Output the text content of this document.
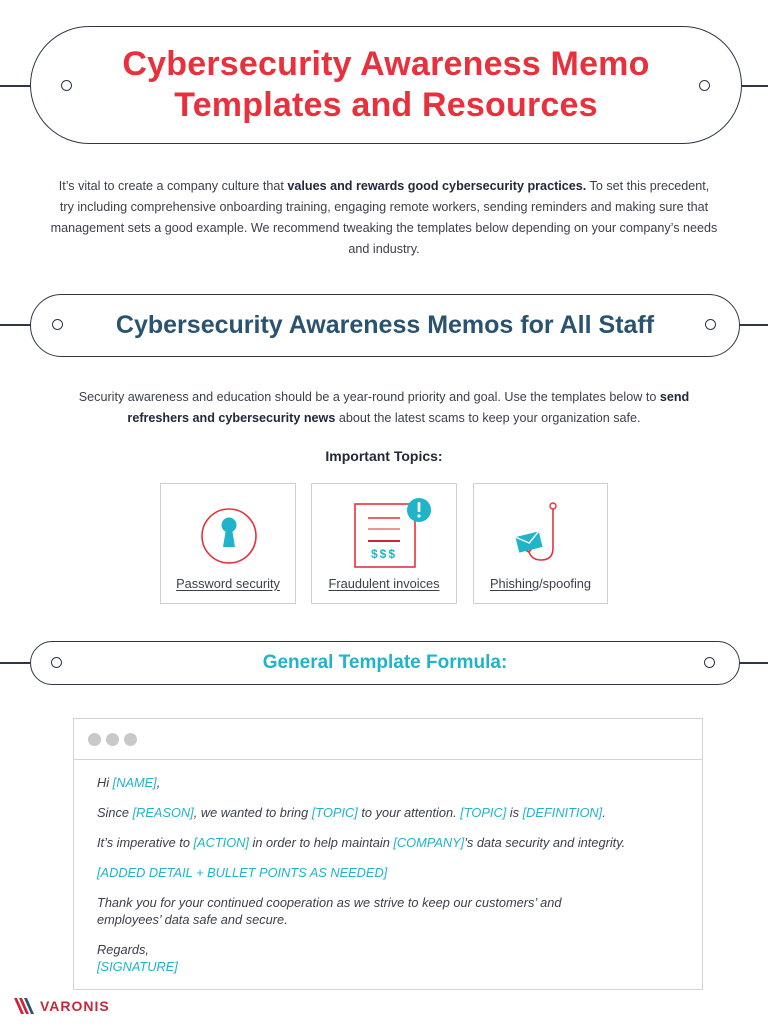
Cybersecurity Awareness Memo
Templates and Resources
It’s vital to create a company culture that values and rewards good cybersecurity practices. To set this precedent, try including comprehensive onboarding training, engaging remote workers, sending reminders and making sure that management sets a good example. We recommend tweaking the templates below depending on your company’s needs and industry.
Cybersecurity Awareness Memos for All Staff
Security awareness and education should be a year-round priority and goal. Use the templates below to send refreshers and cybersecurity news about the latest scams to keep your organization safe.
Important Topics:
Password security
$$$
Fraudulent invoices	Phishing/spoofing
General Template Formula:
Hi [NAME],
Since [REASON], we wanted to bring [TOPIC] to your attention. [TOPIC] is [DEFINITION].
It’s imperative to [ACTION] in order to help maintain [COMPANY]’s data security and integrity.
[ADDED DETAIL + BULLET POINTS AS NEEDED]
Thank you for your continued cooperation as we strive to keep our customers’ and
employees’ data safe and secure.
Regards,
[SIGNATURE]
VARONIS
